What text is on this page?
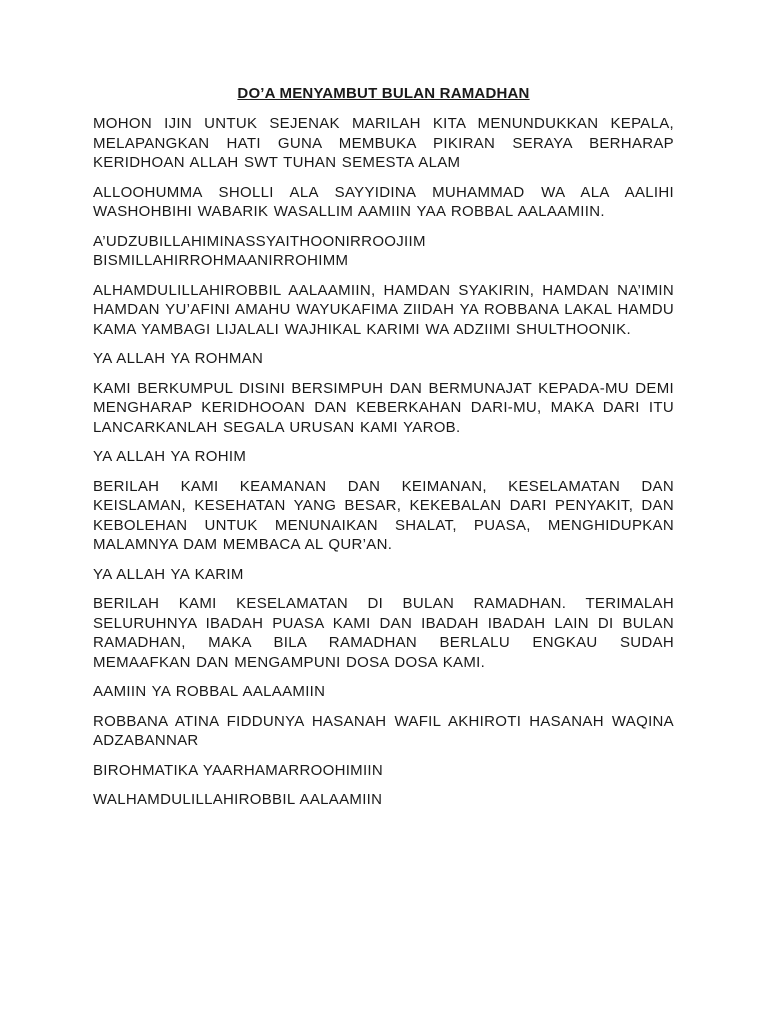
DO’A MENYAMBUT BULAN RAMADHAN
MOHON IJIN UNTUK SEJENAK MARILAH KITA MENUNDUKKAN KEPALA, MELAPANGKAN HATI GUNA MEMBUKA PIKIRAN SERAYA BERHARAP KERIDHOAN ALLAH SWT TUHAN SEMESTA ALAM
ALLOOHUMMA SHOLLI ALA SAYYIDINA MUHAMMAD WA ALA AALIHI WASHOHBIHI WABARIK WASALLIM AAMIIN YAA ROBBAL AALAAMIIN.
A’UDZUBILLAHIMINASSYAITHOONIRROOJIIM BISMILLAHIRROHMAANIRROHIMM
ALHAMDULILLAHIROBBIL AALAAMIIN, HAMDAN SYAKIRIN, HAMDAN NA’IMIN HAMDAN YU’AFINI AMAHU WAYUKAFIMA ZIIDAH YA ROBBANA LAKAL HAMDU KAMA YAMBAGI LIJALALI WAJHIKAL KARIMI WA ADZIIMI SHULTHOONIK.
YA ALLAH YA ROHMAN
KAMI BERKUMPUL DISINI BERSIMPUH DAN BERMUNAJAT KEPADA-MU DEMI MENGHARAP KERIDHOOAN DAN KEBERKAHAN DARI-MU, MAKA DARI ITU LANCARKANLAH SEGALA URUSAN KAMI YAROB.
YA ALLAH YA ROHIM
BERILAH KAMI KEAMANAN DAN KEIMANAN, KESELAMATAN DAN KEISLAMAN, KESEHATAN YANG BESAR, KEKEBALAN DARI PENYAKIT, DAN KEBOLEHAN UNTUK MENUNAIKAN SHALAT, PUASA, MENGHIDUPKAN MALAMNYA DAM MEMBACA AL QUR’AN.
YA ALLAH YA KARIM
BERILAH KAMI KESELAMATAN DI BULAN RAMADHAN. TERIMALAH SELURUHNYA IBADAH PUASA KAMI DAN IBADAH IBADAH LAIN DI BULAN RAMADHAN, MAKA BILA RAMADHAN BERLALU ENGKAU SUDAH MEMAAFKAN DAN MENGAMPUNI DOSA DOSA KAMI.
AAMIIN YA ROBBAL AALAAMIIN
ROBBANA ATINA FIDDUNYA HASANAH WAFIL AKHIROTI HASANAH WAQINA ADZABANNAR
BIROHMATIKA YAARHAMARROOHIMIIN
WALHAMDULILLAHIROBBIL AALAAMIIN
